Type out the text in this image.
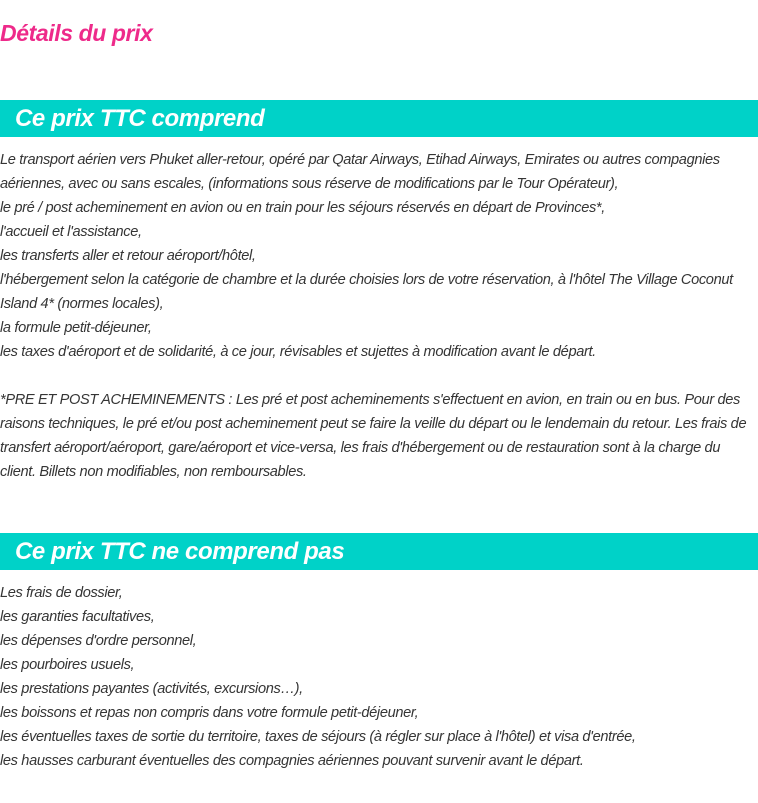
Détails du prix
Ce prix TTC comprend
Le transport aérien vers Phuket aller-retour, opéré par Qatar Airways, Etihad Airways, Emirates ou autres compagnies aériennes, avec ou sans escales, (informations sous réserve de modifications par le Tour Opérateur),
le pré / post acheminement en avion ou en train pour les séjours réservés en départ de Provinces*,
l'accueil et l'assistance,
les transferts aller et retour aéroport/hôtel,
l'hébergement selon la catégorie de chambre et la durée choisies lors de votre réservation, à l'hôtel The Village Coconut Island 4* (normes locales),
la formule petit-déjeuner,
les taxes d'aéroport et de solidarité, à ce jour, révisables et sujettes à modification avant le départ.
*PRE ET POST ACHEMINEMENTS : Les pré et post acheminements s'effectuent en avion, en train ou en bus. Pour des raisons techniques, le pré et/ou post acheminement peut se faire la veille du départ ou le lendemain du retour. Les frais de transfert aéroport/aéroport, gare/aéroport et vice-versa, les frais d'hébergement ou de restauration sont à la charge du client. Billets non modifiables, non remboursables.
Ce prix TTC ne comprend pas
Les frais de dossier,
les garanties facultatives,
les dépenses d'ordre personnel,
les pourboires usuels,
les prestations payantes (activités, excursions…),
les boissons et repas non compris dans votre formule petit-déjeuner,
les éventuelles taxes de sortie du territoire, taxes de séjours (à régler sur place à l'hôtel) et visa d'entrée,
les hausses carburant éventuelles des compagnies aériennes pouvant survenir avant le départ.
